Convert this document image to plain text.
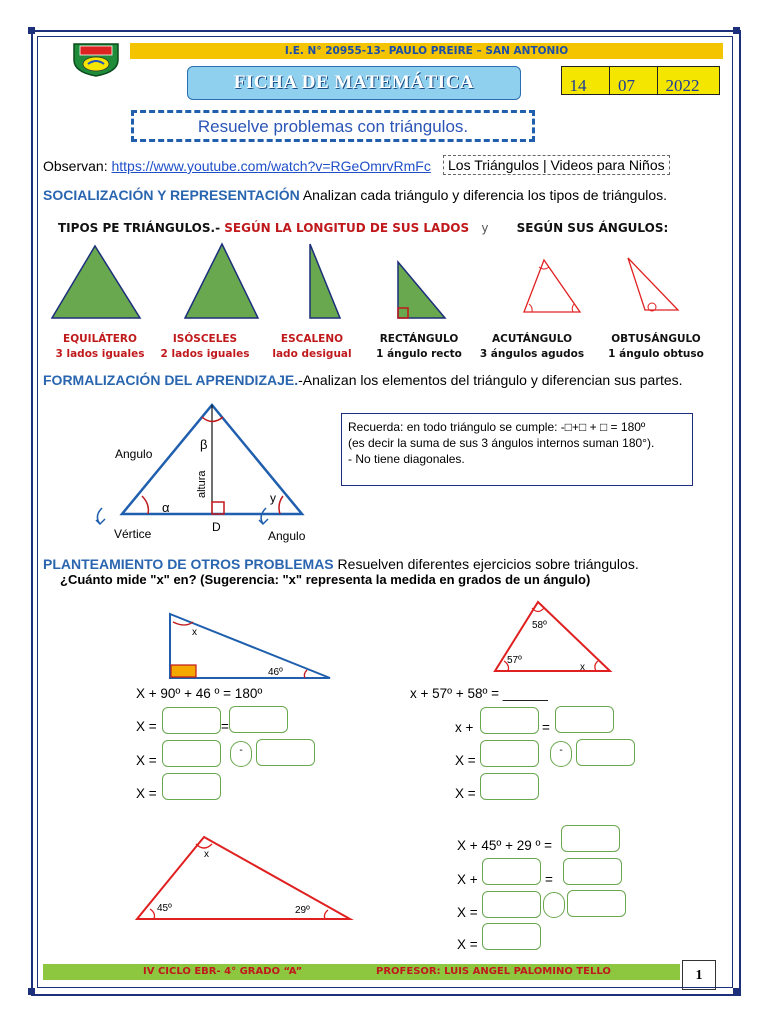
I.E. N° 20955-13- PAULO PREIRE – SAN ANTONIO
FICHA DE MATEMÁTICA	14	07	2022
Resuelve problemas con triángulos.
Observan: https://www.youtube.com/watch?v=RGeOmrvRmFc	Los Triángulos | Videos para Niños
SOCIALIZACIÓN Y REPRESENTACIÓN Analizan cada triángulo y diferencia los tipos de triángulos.
TIPOS PE TRIÁNGULOS.- SEGÚN LA LONGITUD DE SUS LADOS y SEGÚN SUS ÁNGULOS:
EQUILÁTERO
3 lados iguales
ISÓSCELES
2 lados iguales
ESCALENO
lado desigual
RECTÁNGULO
1 ángulo recto
ACUTÁNGULO
3 ángulos agudos
OBTUSÁNGULO
1 ángulo obtuso
FORMALIZACIÓN DEL APRENDIZAJE.-Analizan los elementos del triángulo y diferencian sus partes.
Angulo
β
altura
α
y
Vértice	D
Angulo
Recuerda: en todo triángulo se cumple: -□+□ + □ = 180º
(es decir la suma de sus 3 ángulos internos suman 180°).
- No tiene diagonales.
PLANTEAMIENTO DE OTROS PROBLEMAS Resuelven diferentes ejercicios sobre triángulos.
¿Cuánto mide "x" en? (Sugerencia: "x" representa la medida en grados de un ángulo)
x
46º
X + 90º + 46 º = 180º
X =	=
X =
-
X =
58º
57º
x
x + 57º + 58º = ______
x +	=
X =
-
X =
x
45º	29º
X + 45º + 29 º =
X +	=
X =
X =
IV CICLO EBR- 4° GRADO “A”	PROFESOR: LUIS ANGEL PALOMINO TELLO	1
